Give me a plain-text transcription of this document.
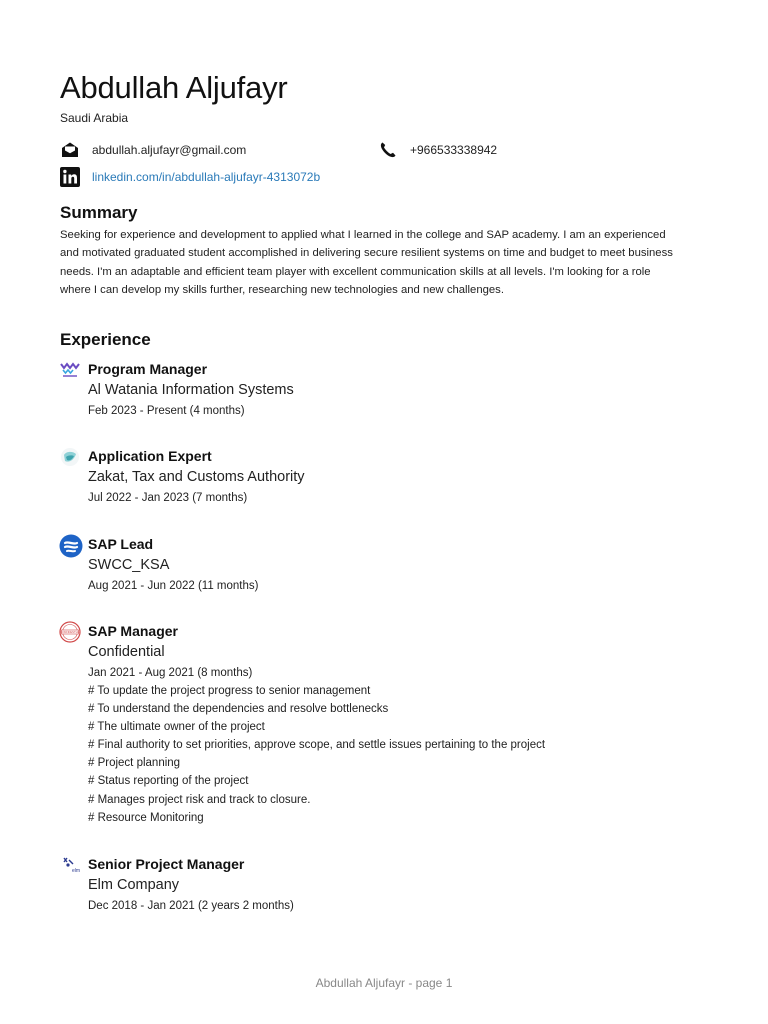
Abdullah Aljufayr
Saudi Arabia
abdullah.aljufayr@gmail.com	+966533338942
linkedin.com/in/abdullah-aljufayr-4313072b
Summary
Seeking for experience and development to applied what I learned in the college and SAP academy. I am an experienced and motivated graduated student accomplished in delivering secure resilient systems on time and budget to meet business needs. I'm an adaptable and efficient team player with excellent communication skills at all levels. I'm looking for a role where I can develop my skills further, researching new technologies and new challenges.
Experience
Program Manager
Al Watania Information Systems
Feb 2023 - Present (4 months)
Application Expert
Zakat, Tax and Customs Authority
Jul 2022 - Jan 2023 (7 months)
SAP Lead
SWCC_KSA
Aug 2021 - Jun 2022 (11 months)
CONFIDENTIAL SAP Manager
Confidential
Jan 2021 - Aug 2021 (8 months)
# To update the project progress to senior management
# To understand the dependencies and resolve bottlenecks
# The ultimate owner of the project
# Final authority to set priorities, approve scope, and settle issues pertaining to the project
# Project planning
# Status reporting of the project
# Manages project risk and track to closure.
# Resource Monitoring
elm Senior Project Manager
Elm Company
Dec 2018 - Jan 2021 (2 years 2 months)
Abdullah Aljufayr - page 1
